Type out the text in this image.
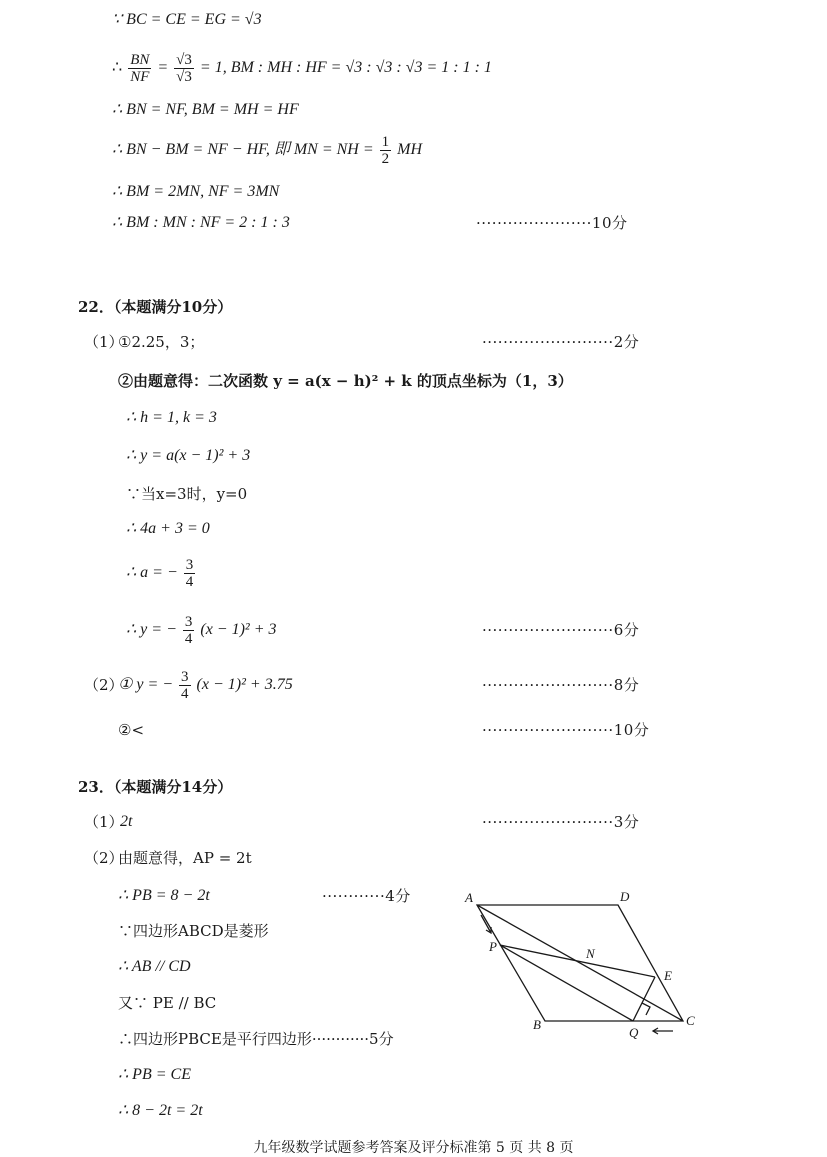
∵ BC = CE = EG = √3
∴ $\frac{BN}{NF} = \frac{√3}{√3} = 1$, BM : MH : HF = √3 : √3 : √3 = 1 : 1 : 1
∴ BN = NF, BM = MH = HF
∴ BN − BM = NF − HF, 即 MN = NH = $\frac{1}{2}$ MH
∴ BM = 2MN, NF = 3MN
∴ BM : MN : NF = 2 : 1 : 3	······················10分
22．（本题满分10分）
（1）
①2.25，3；	·························2分
②由题意得：二次函数 y = a(x − h)² + k 的顶点坐标为（1，3）
∴ h = 1, k = 3
∴ y = a(x − 1)² + 3
∵当x=3时，y=0
∴ 4a + 3 = 0
∴ a = − $\frac{3}{4}$
∴ y = − $\frac{3}{4} (x - 1)^2 + 3$	·························6分
（2）
① y = − $\frac{3}{4} (x - 1)^2 + 3.75$	·························8分
②<	·························10分
23．（本题满分14分）
（1）
2t	·························3分
（2）
由题意得，AP = 2t
∴ PB = 8 − 2t	············4分
∵四边形ABCD是菱形
∴ AB // CD
又∵ PE // BC
∴四边形PBCE是平行四边形············5分
∴ PB = CE
∴ 8 − 2t = 2t
A	D
C
B
P	N
E
Q
九年级数学试题参考答案及评分标准第 5 页 共 8 页
